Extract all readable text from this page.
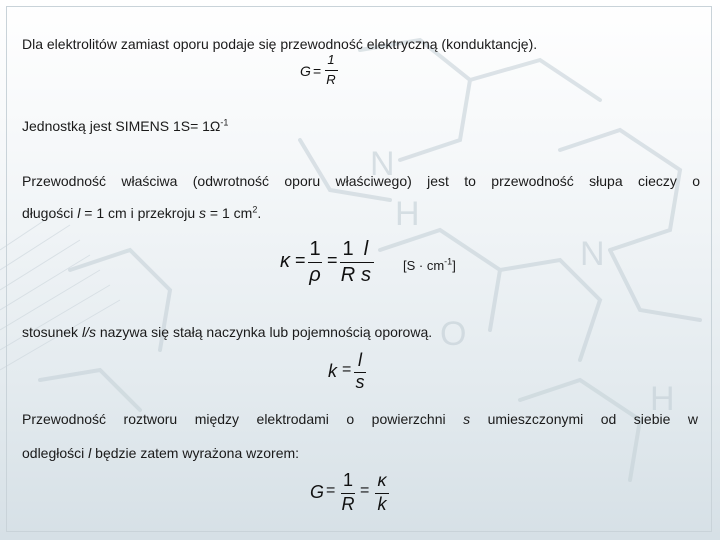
N
N
O
H
H
Dla elektrolitów zamiast oporu podaje się przewodność elektryczną (konduktancję).
G =
1
R
Jednostką jest SIMENS $1S= 1\Omega^{-1}$
Przewodność właściwa (odwrotność oporu właściwego) jest to przewodność słupa cieczy o
długości l = 1 cm i przekroju s = 1 $cm^2$.
κ = 1
ρ
= 1 l
R s $[S \cdot cm^{-1}]$
stosunek l/s nazywa się stałą naczynka lub pojemnością oporową.
k = l
s
Przewodność roztworu między elektrodami o powierzchni s umieszczonymi od siebie w
odległości l będzie zatem wyrażona wzorem:
G =
1
R
=
κ
k
